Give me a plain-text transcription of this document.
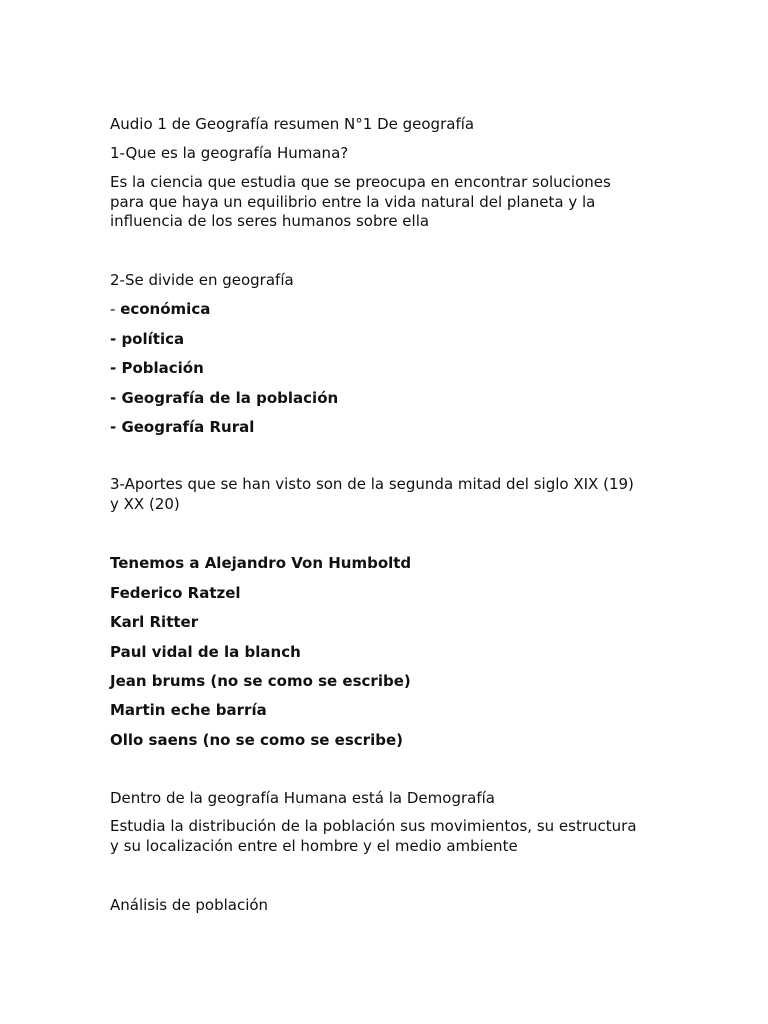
Audio 1 de Geografía resumen N°1 De geografía
1-Que es la geografía Humana?
Es la ciencia que estudia que se preocupa en encontrar soluciones
para que haya un equilibrio entre la vida natural del planeta y la
influencia de los seres humanos sobre ella
2-Se divide en geografía
- económica
- política
- Población
- Geografía de la población
- Geografía Rural
3-Aportes que se han visto son de la segunda mitad del siglo XIX (19)
y XX (20)
Tenemos a Alejandro Von Humboltd
Federico Ratzel
Karl Ritter
Paul vidal de la blanch
Jean brums (no se como se escribe)
Martin eche barría
Ollo saens (no se como se escribe)
Dentro de la geografía Humana está la Demografía
Estudia la distribución de la población sus movimientos, su estructura
y su localización entre el hombre y el medio ambiente
Análisis de población
